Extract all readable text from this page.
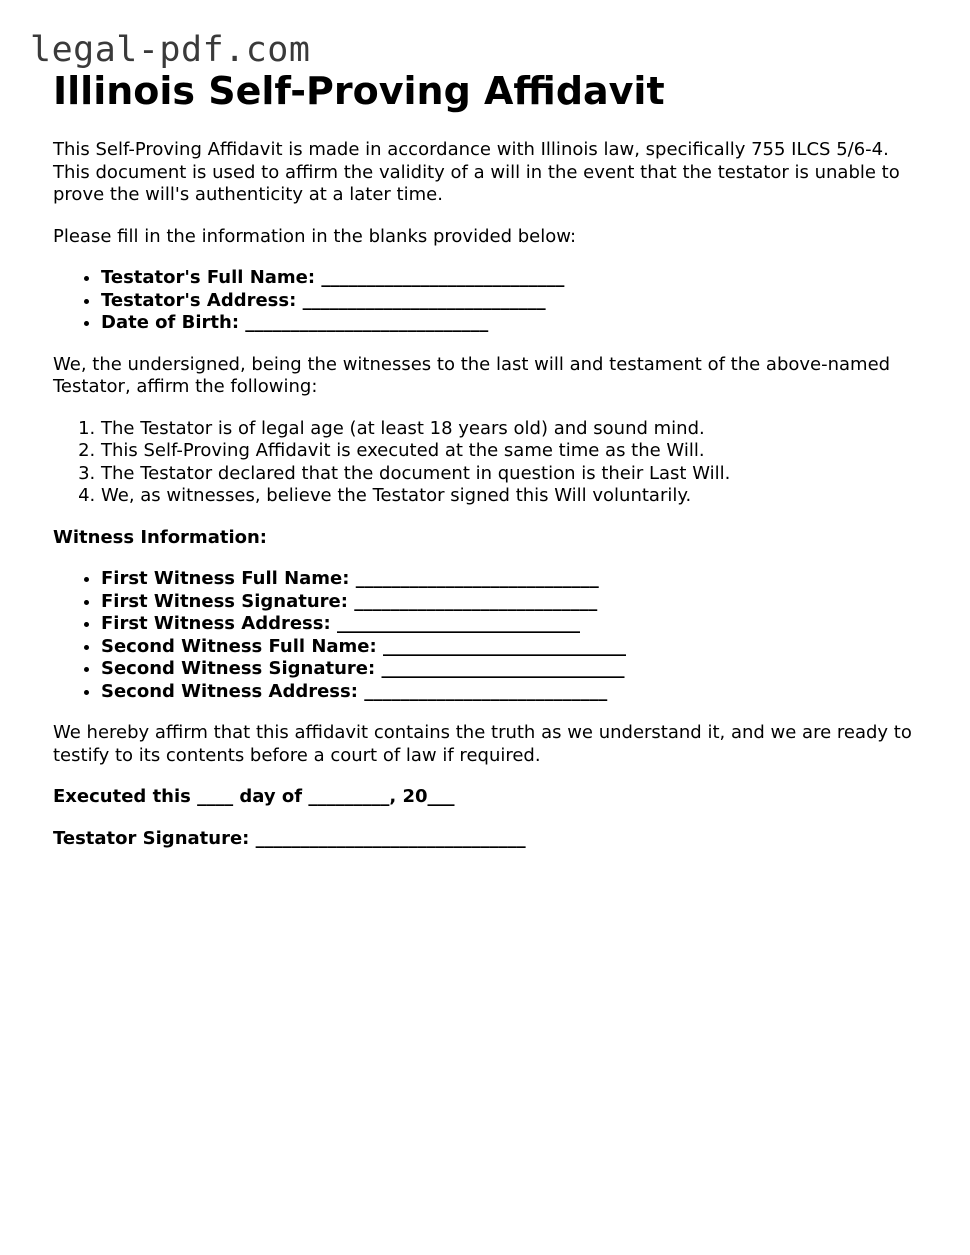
legal-pdf.com
Illinois Self-Proving Affidavit

This Self-Proving Affidavit is made in accordance with Illinois law, specifically 755 ILCS 5/6-4. This document is used to affirm the validity of a will in the event that the testator is unable to prove the will's authenticity at a later time.

Please fill in the information in the blanks provided below:

• Testator's Full Name: ___________________________
• Testator's Address: ___________________________
• Date of Birth: ___________________________

We, the undersigned, being the witnesses to the last will and testament of the above-named Testator, affirm the following:

1. The Testator is of legal age (at least 18 years old) and sound mind.
2. This Self-Proving Affidavit is executed at the same time as the Will.
3. The Testator declared that the document in question is their Last Will.
4. We, as witnesses, believe the Testator signed this Will voluntarily.

Witness Information:

• First Witness Full Name: ___________________________
• First Witness Signature: ___________________________
• First Witness Address: ___________________________
• Second Witness Full Name: ___________________________
• Second Witness Signature: ___________________________
• Second Witness Address: ___________________________

We hereby affirm that this affidavit contains the truth as we understand it, and we are ready to testify to its contents before a court of law if required.

Executed this ____ day of _________, 20___

Testator Signature: ______________________________
